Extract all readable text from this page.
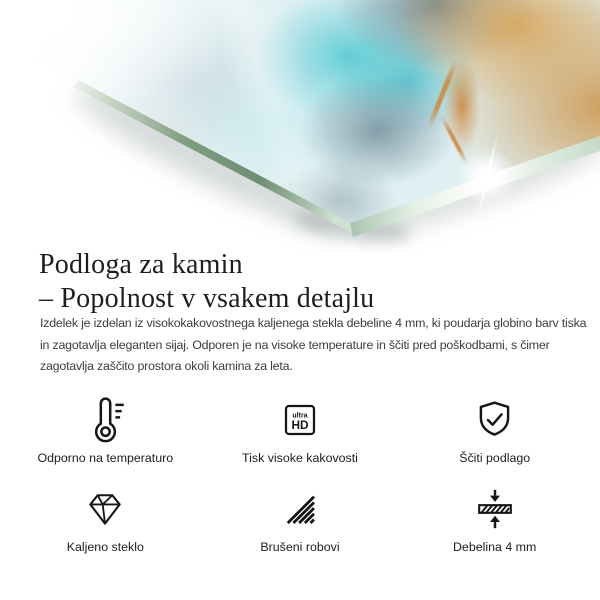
Podloga za kamin
– Popolnost v vsakem detajlu
Izdelek je izdelan iz visokokakovostnega kaljenega stekla debeline 4 mm, ki poudarja globino barv tiska in zagotavlja eleganten sijaj. Odporen je na visoke temperature in ščiti pred poškodbami, s čimer zagotavlja zaščito prostora okoli kamina za leta.
Odporno na temperaturo
ultra
HD
Tisk visoke kakovosti	Ščiti podlago
Kaljeno steklo	Brušeni robovi	Debelina 4 mm
